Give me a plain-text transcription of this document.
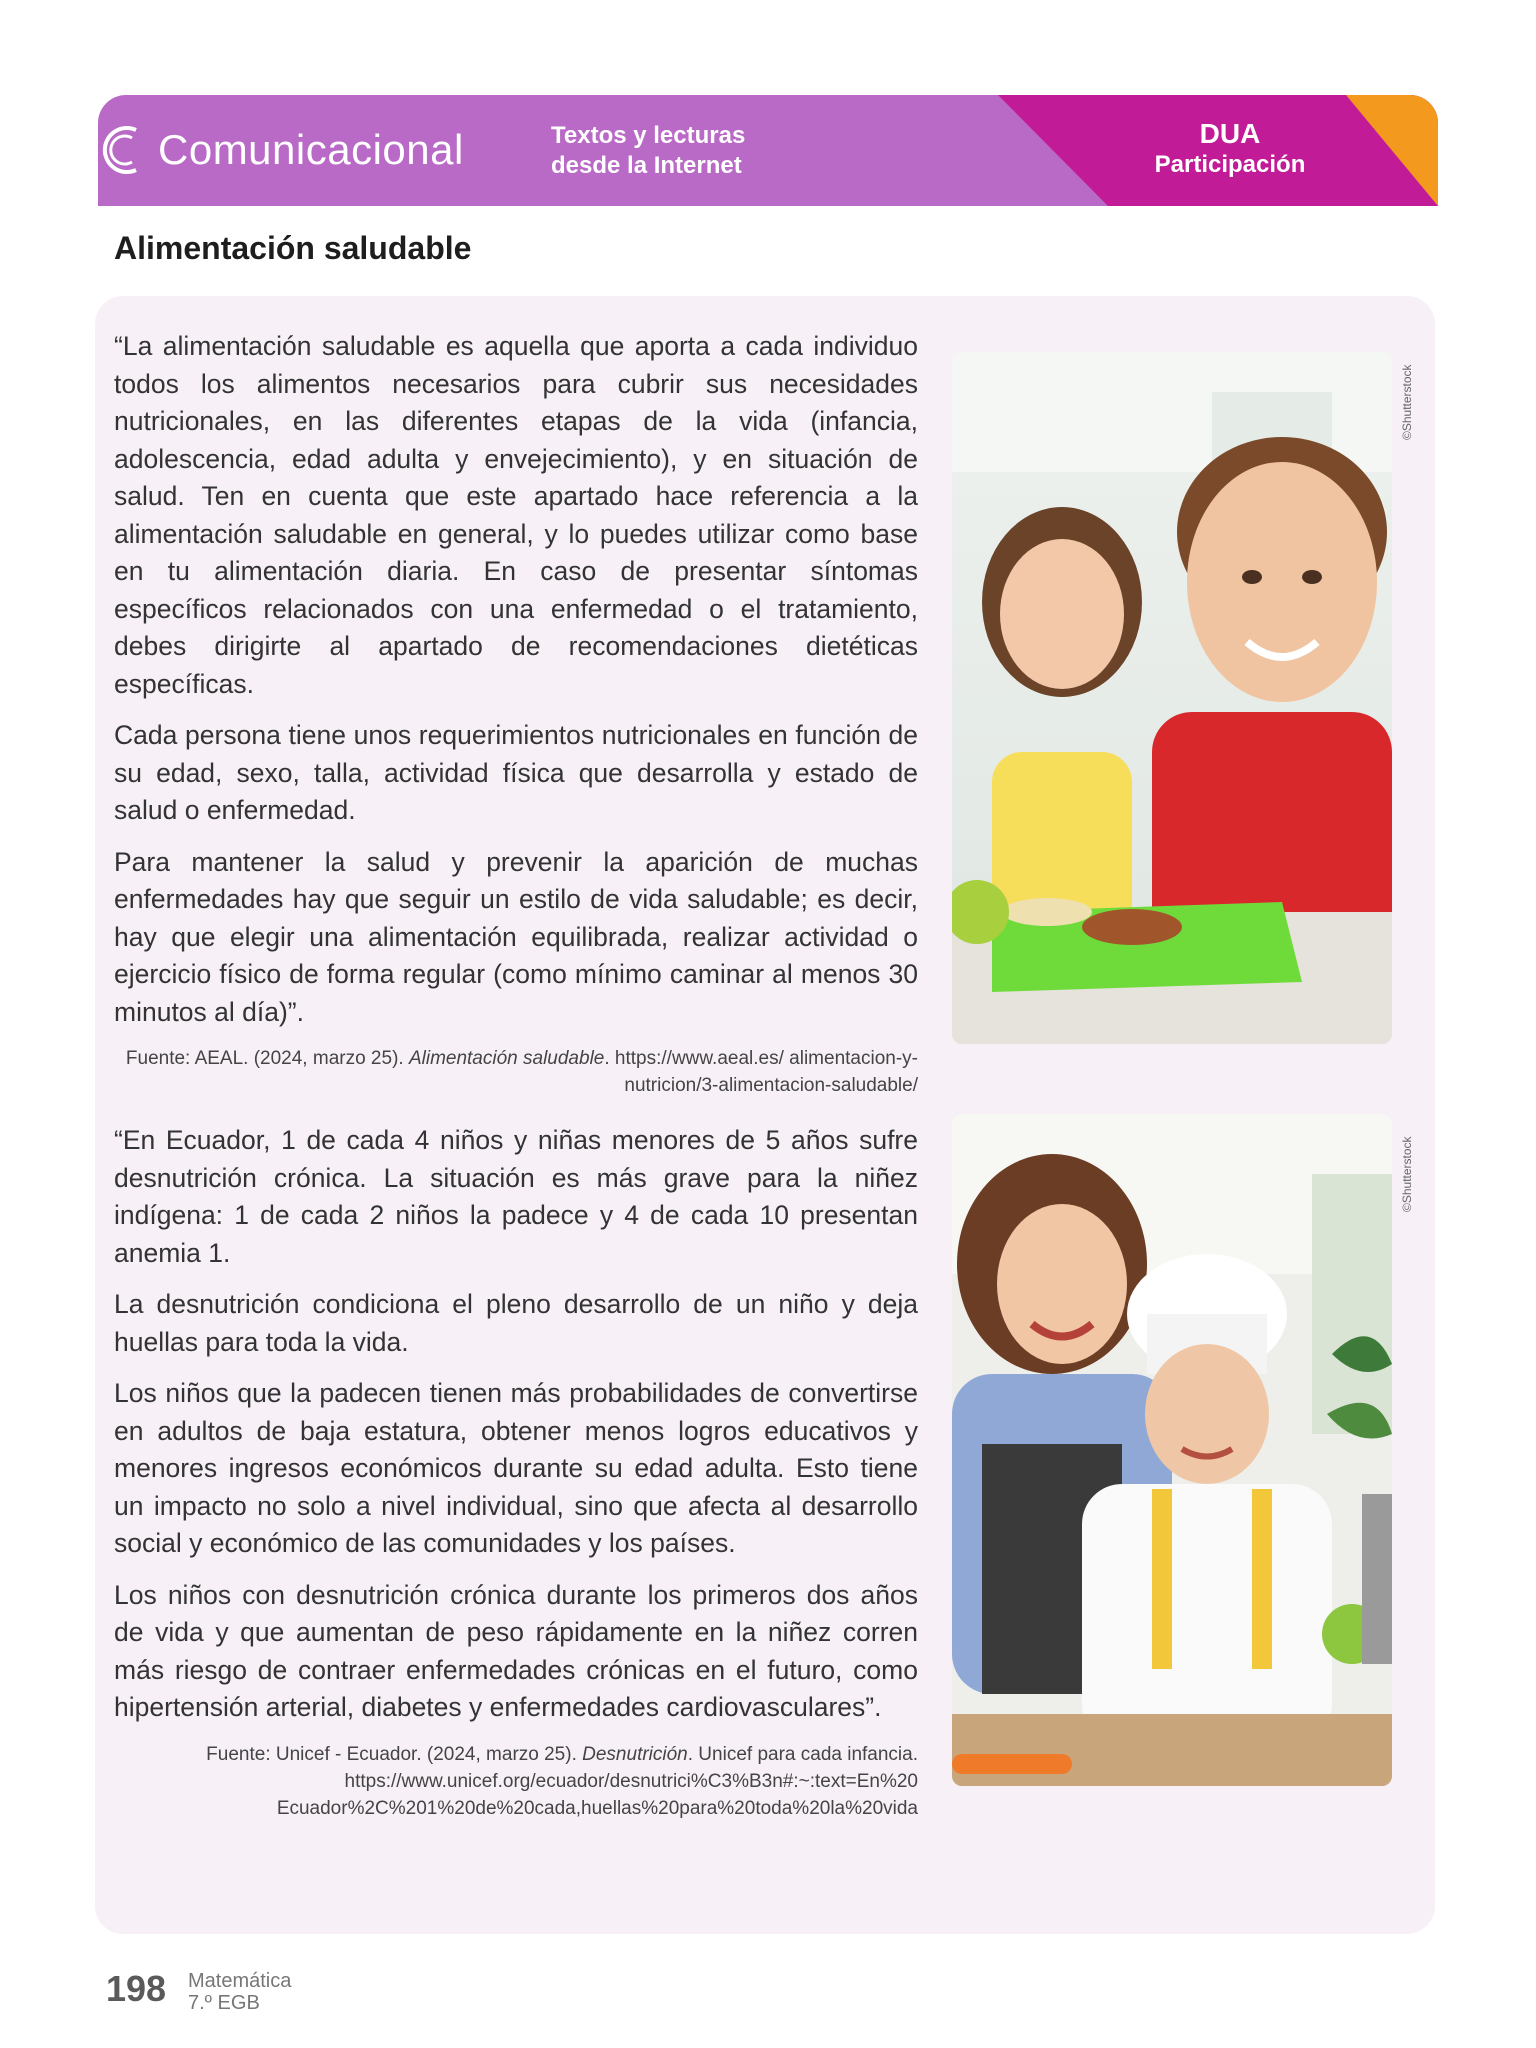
Comunicacional	Textos y lecturas
desde la Internet
DUA
Participación
Alimentación saludable

“La alimentación saludable es aquella que aporta a cada individuo todos los alimentos necesarios para cubrir sus necesidades nutricionales, en las diferentes etapas de la vida (infancia, adolescencia, edad adulta y envejecimiento), y en situación de salud. Ten en cuenta que este apartado hace referencia a la alimentación saludable en general, y lo puedes utilizar como base en tu alimentación diaria. En caso de presentar síntomas específicos relacionados con una enfermedad o el tratamiento, debes dirigirte al apartado de recomendaciones dietéticas específicas.

Cada persona tiene unos requerimientos nutricionales en función de su edad, sexo, talla, actividad física que desarrolla y estado de salud o enfermedad.

Para mantener la salud y prevenir la aparición de muchas enfermedades hay que seguir un estilo de vida saludable; es decir, hay que elegir una alimentación equilibrada, realizar actividad o ejercicio físico de forma regular (como mínimo caminar al menos 30 minutos al día)”.

Fuente: AEAL. (2024, marzo 25). Alimentación saludable. https://www.aeal.es/ alimentacion-y-nutricion/3-alimentacion-saludable/

“En Ecuador, 1 de cada 4 niños y niñas menores de 5 años sufre desnutrición crónica. La situación es más grave para la niñez indígena: 1 de cada 2 niños la padece y 4 de cada 10 presentan anemia 1.

La desnutrición condiciona el pleno desarrollo de un niño y deja huellas para toda la vida.

Los niños que la padecen tienen más probabilidades de convertirse en adultos de baja estatura, obtener menos logros educativos y menores ingresos económicos durante su edad adulta. Esto tiene un impacto no solo a nivel individual, sino que afecta al desarrollo social y económico de las comunidades y los países.

Los niños con desnutrición crónica durante los primeros dos años de vida y que aumentan de peso rápidamente en la niñez corren más riesgo de contraer enfermedades crónicas en el futuro, como hipertensión arterial, diabetes y enfermedades cardiovasculares”.

Fuente: Unicef - Ecuador. (2024, marzo 25). Desnutrición. Unicef para cada infancia. https://www.unicef.org/ecuador/desnutrici%C3%B3n#:~:text=En%20 Ecuador%2C%201%20de%20cada,huellas%20para%20toda%20la%20vida

©Shutterstock
©Shutterstock
198 Matemática
7.º EGB
